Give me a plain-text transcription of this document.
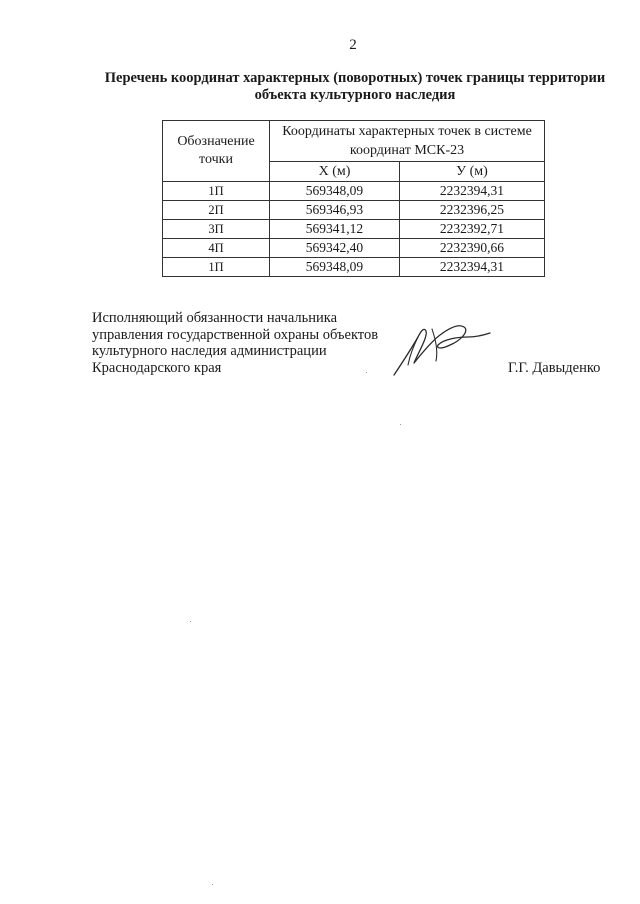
2
Перечень координат характерных (поворотных) точек границы территории объекта культурного наследия
Обозначение точки	Координаты характерных точек в системе координат МСК-23	
	Х (м)	У (м)
1П	569348,09	2232394,31
2П	569346,93	2232396,25
3П	569341,12	2232392,71
4П	569342,40	2232390,66
1П	569348,09	2232394,31
Исполняющий обязанности начальника
управления государственной охраны объектов
культурного наследия администрации
Краснодарского края	Г.Г. Давыденко
